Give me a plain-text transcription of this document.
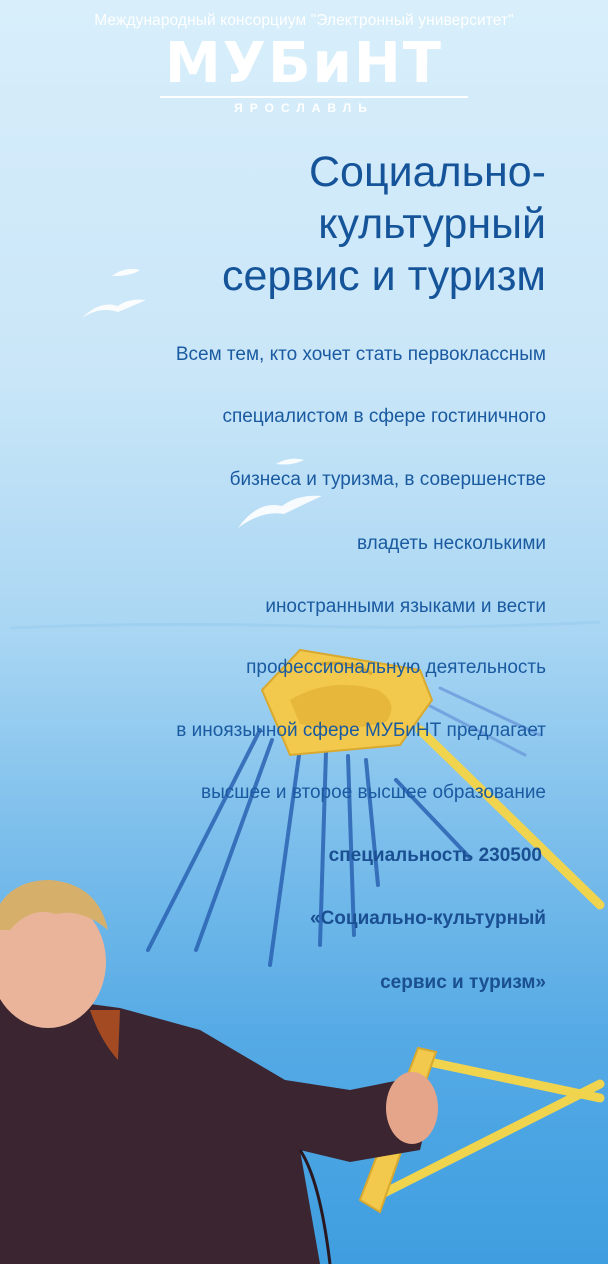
Международный консорциум "Электронный университет"
МУБиНТ
ЯРОСЛАВЛЬ
Социально-
культурный
сервис и туризм
Всем тем, кто хочет стать первоклассным
специалистом в сфере гостиничного
бизнеса и туризма, в совершенстве
владеть несколькими
иностранными языками и вести
профессиональную деятельность
в иноязычной сфере МУБиНТ предлагает
высшее и второе высшее образование
специальность 230500
«Социально-культурный
сервис и туризм»
